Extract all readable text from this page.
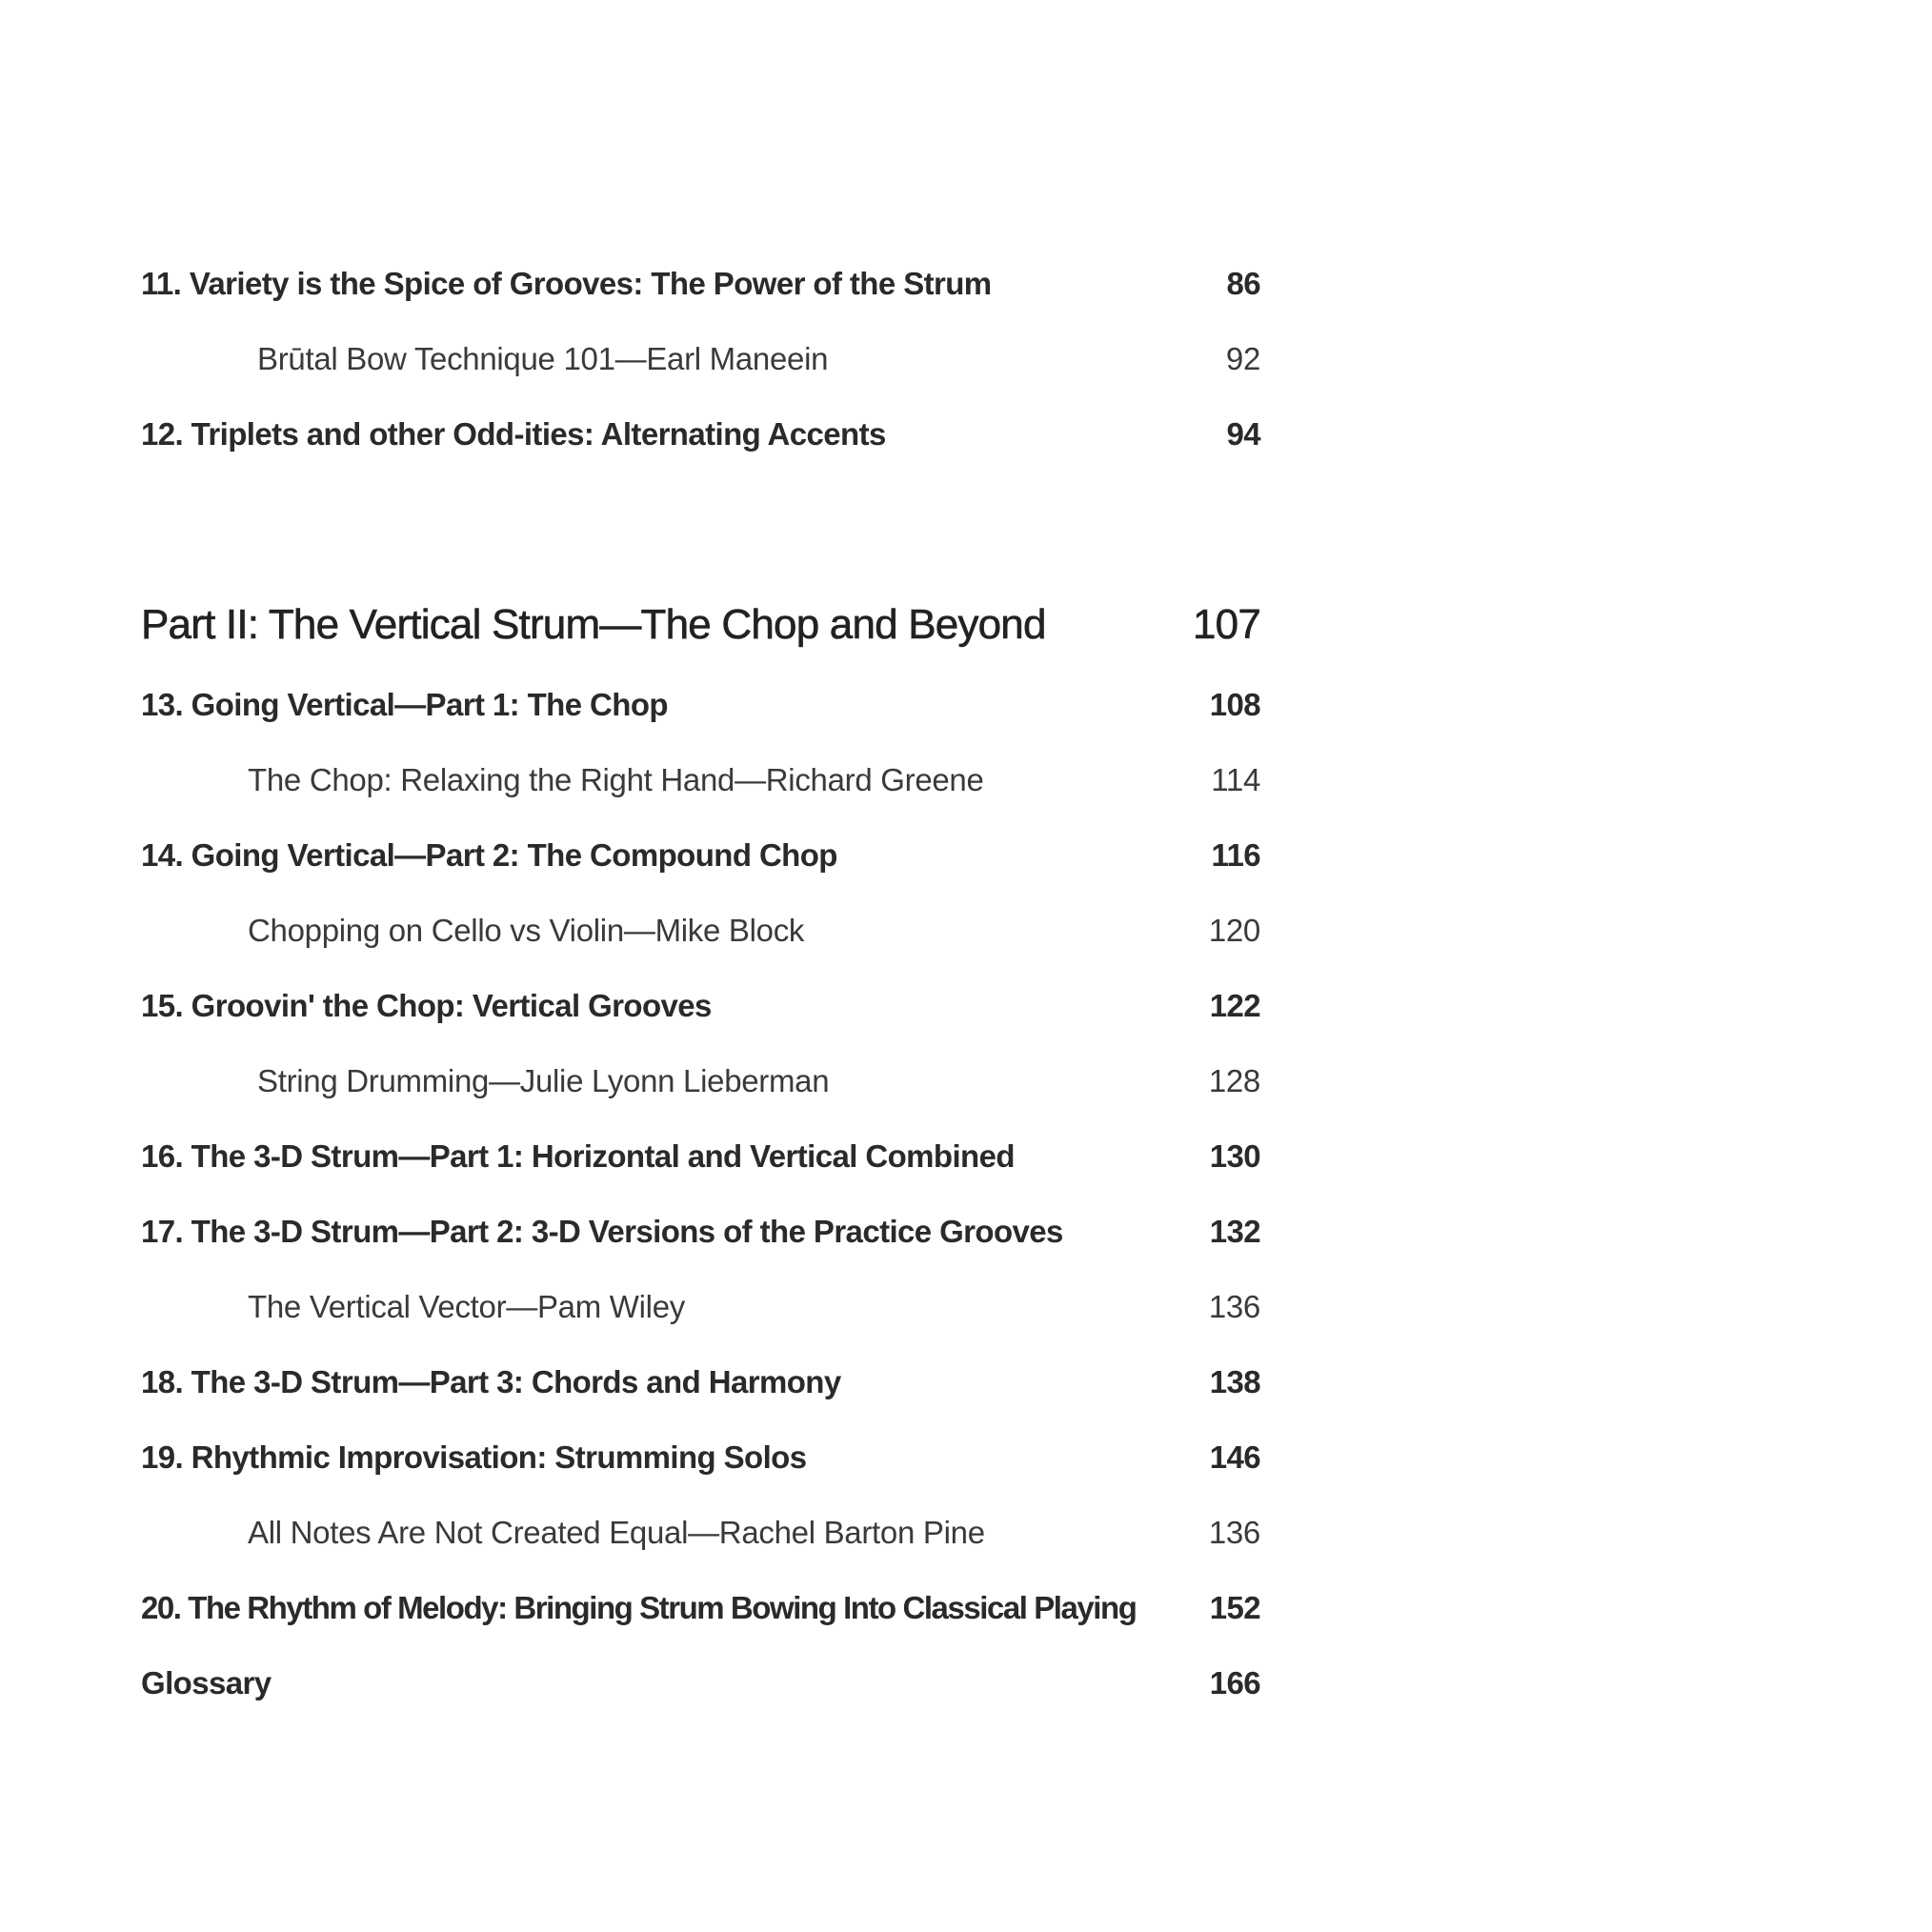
11. Variety is the Spice of Grooves: The Power of the Strum	86
Brūtal Bow Technique 101—Earl Maneein	92
12. Triplets and other Odd-ities: Alternating Accents	94
Part II: The Vertical Strum—The Chop and Beyond	107
13. Going Vertical—Part 1: The Chop	108
The Chop: Relaxing the Right Hand—Richard Greene	114
14. Going Vertical—Part 2: The Compound Chop	116
Chopping on Cello vs Violin—Mike Block	120
15. Groovin' the Chop: Vertical Grooves	122
String Drumming—Julie Lyonn Lieberman	128
16. The 3-D Strum—Part 1: Horizontal and Vertical Combined	130
17. The 3-D Strum—Part 2: 3-D Versions of the Practice Grooves	132
The Vertical Vector—Pam Wiley	136
18. The 3-D Strum—Part 3: Chords and Harmony	138
19. Rhythmic Improvisation: Strumming Solos	146
All Notes Are Not Created Equal—Rachel Barton Pine	136
20. The Rhythm of Melody: Bringing Strum Bowing Into Classical Playing 152
Glossary	166
